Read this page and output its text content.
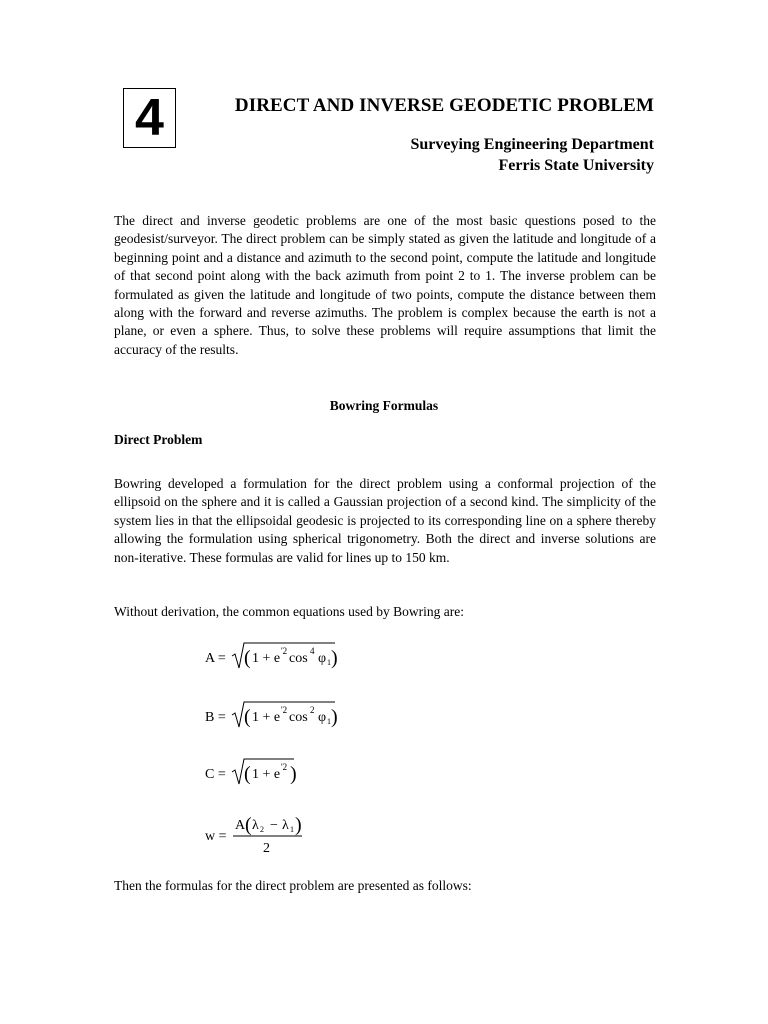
4	DIRECT AND INVERSE GEODETIC PROBLEM
Surveying Engineering Department
Ferris State University

The direct and inverse geodetic problems are one of the most basic questions posed to the geodesist/surveyor. The direct problem can be simply stated as given the latitude and longitude of a beginning point and a distance and azimuth to the second point, compute the latitude and longitude of that second point along with the back azimuth from point 2 to 1. The inverse problem can be formulated as given the latitude and longitude of two points, compute the distance between them along with the forward and reverse azimuths. The problem is complex because the earth is not a plane, or even a sphere. Thus, to solve these problems will require assumptions that limit the accuracy of the results.

Bowring Formulas
Direct Problem

Bowring developed a formulation for the direct problem using a conformal projection of the ellipsoid on the sphere and it is called a Gaussian projection of a second kind. The simplicity of the system lies in that the ellipsoidal geodesic is projected to its corresponding line on a sphere thereby allowing the formulation using spherical trigonometry. Both the direct and inverse solutions are non-iterative. These formulas are valid for lines up to 150 km.

Without derivation, the common equations used by Bowring are:

A = ( 1 + e '2 cos 4 φ 1 )
B = ( 1 + e '2 cos 2 φ 1 )
C = ( 1 + e '2 )
w =
A ( λ 2 − λ 1 )
2

Then the formulas for the direct problem are presented as follows:
